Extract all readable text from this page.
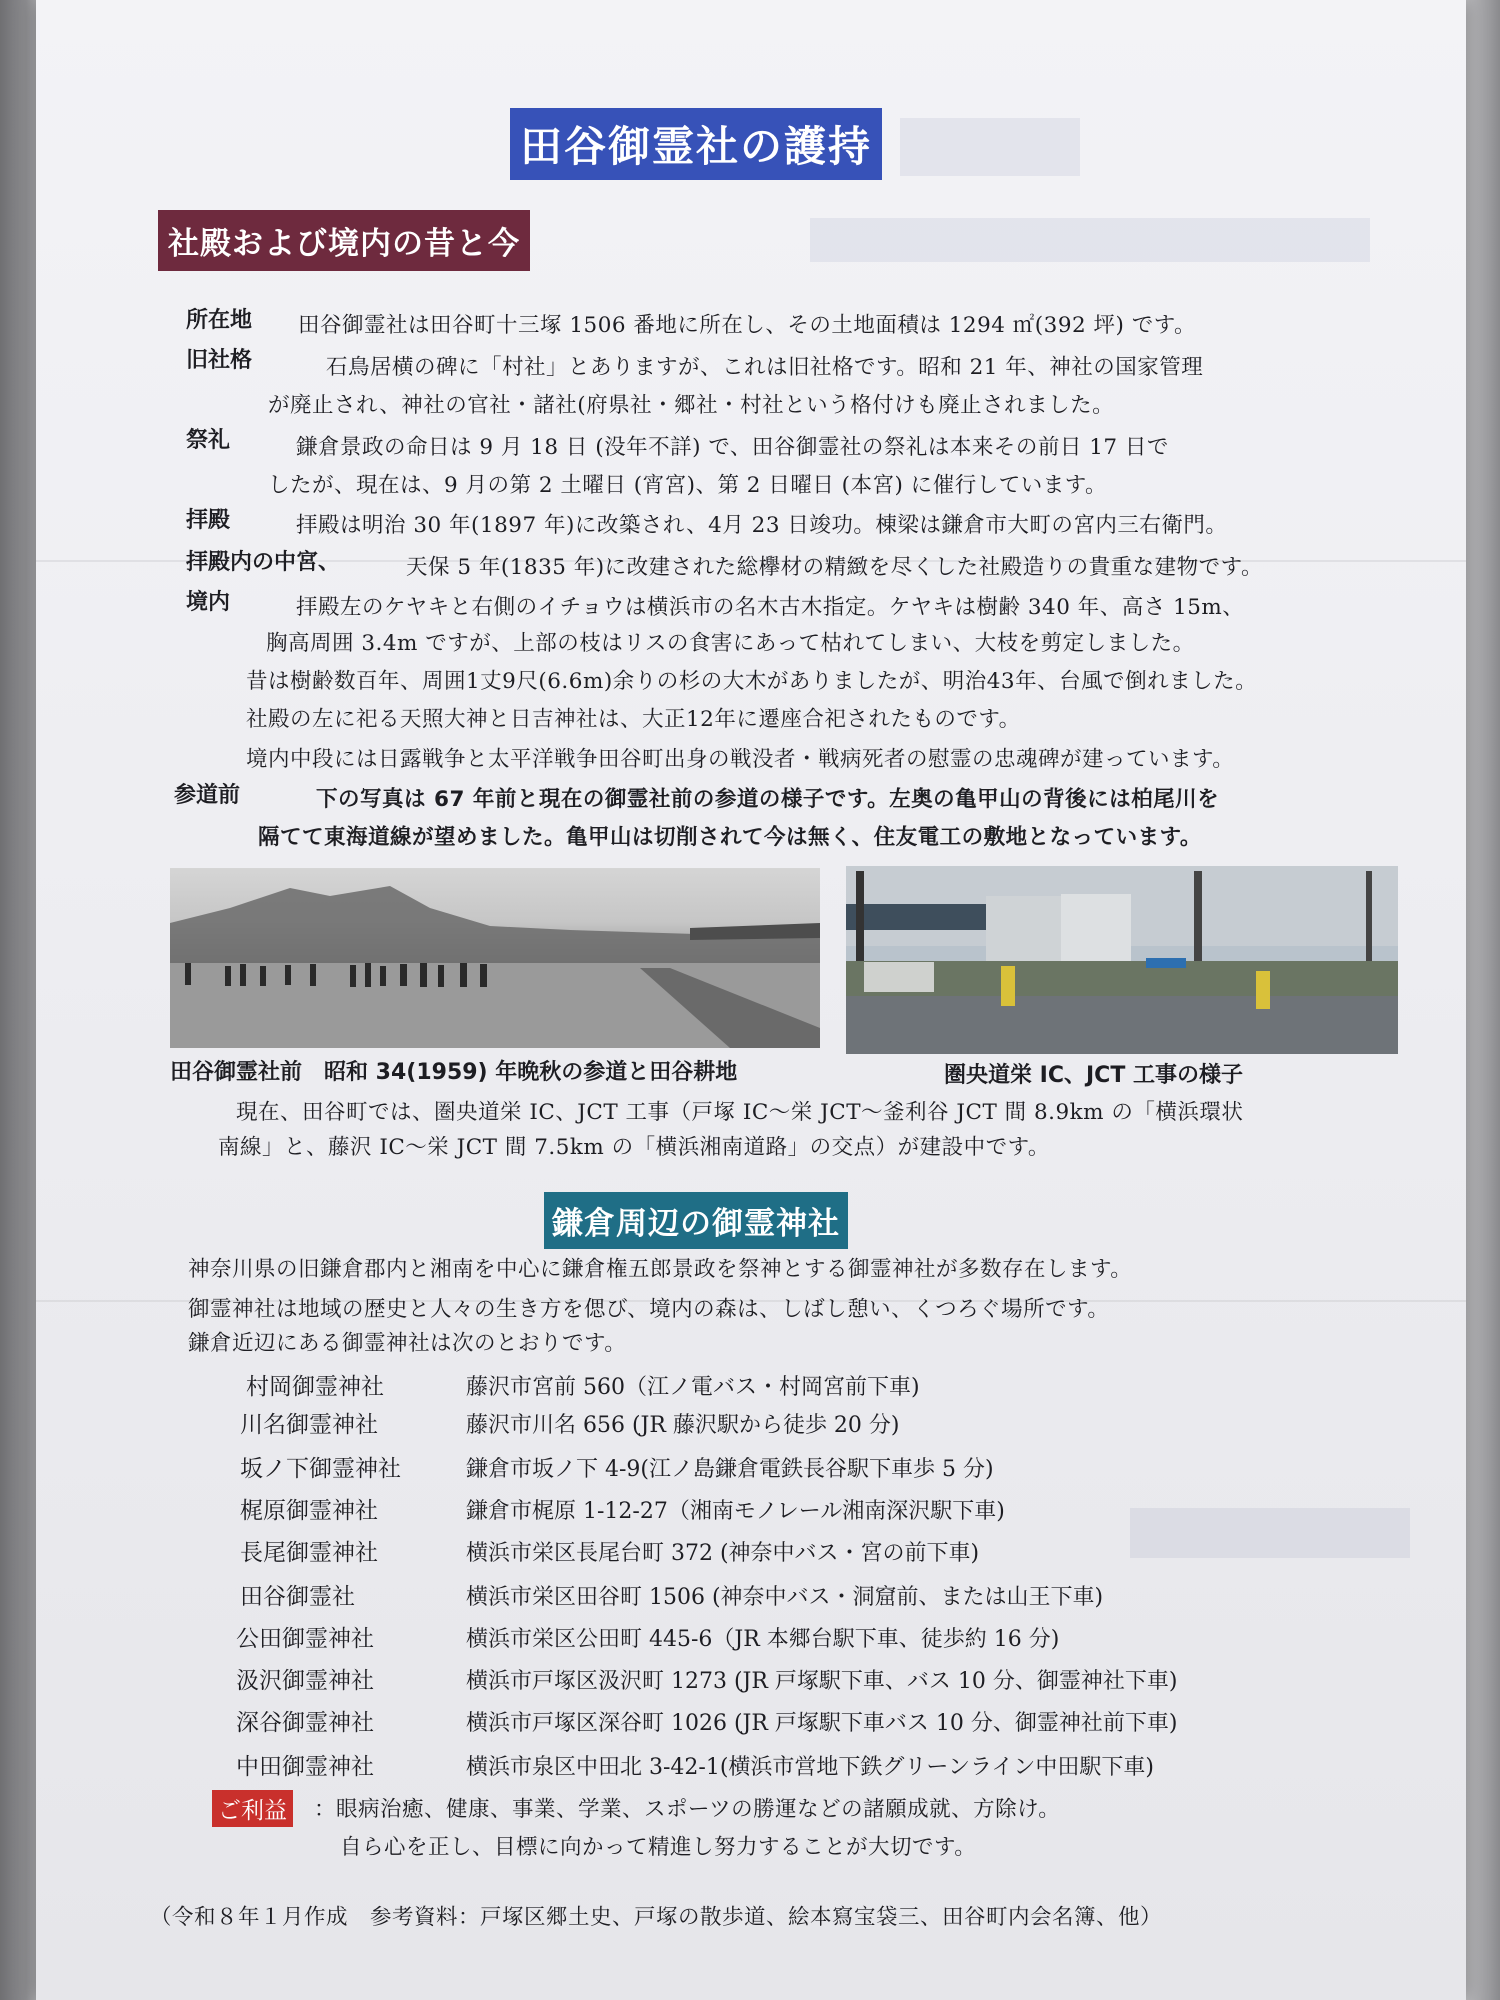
田谷御霊社の護持
社殿および境内の昔と今
所在地 田谷御霊社は田谷町十三塚 1506 番地に所在し、その土地面積は 1294 ㎡(392 坪) です。
旧社格	石鳥居横の碑に「村社」とありますが、これは旧社格です。昭和 21 年、神社の国家管理
が廃止され、神社の官社・諸社(府県社・郷社・村社という格付けも廃止されました。
祭礼	鎌倉景政の命日は 9 月 18 日 (没年不詳) で、田谷御霊社の祭礼は本来その前日 17 日で
したが、現在は、9 月の第 2 土曜日 (宵宮)、第 2 日曜日 (本宮) に催行しています。
拝殿	拝殿は明治 30 年(1897 年)に改築され、4月 23 日竣功。棟梁は鎌倉市大町の宮内三右衛門。
拝殿内の中宮、	天保 5 年(1835 年)に改建された総欅材の精緻を尽くした社殿造りの貴重な建物です。
境内	拝殿左のケヤキと右側のイチョウは横浜市の名木古木指定。ケヤキは樹齢 340 年、高さ 15m、
胸高周囲 3.4m ですが、上部の枝はリスの食害にあって枯れてしまい、大枝を剪定しました。
昔は樹齢数百年、周囲1丈9尺(6.6m)余りの杉の大木がありましたが、明治43年、台風で倒れました。
社殿の左に祀る天照大神と日吉神社は、大正12年に遷座合祀されたものです。
境内中段には日露戦争と太平洋戦争田谷町出身の戦没者・戦病死者の慰霊の忠魂碑が建っています。
参道前	下の写真は 67 年前と現在の御霊社前の参道の様子です。左奥の亀甲山の背後には柏尾川を
隔てて東海道線が望めました。亀甲山は切削されて今は無く、住友電工の敷地となっています。
田谷御霊社前　昭和 34(1959) 年晩秋の参道と田谷耕地	圏央道栄 IC、JCT 工事の様子
現在、田谷町では、圏央道栄 IC、JCT 工事（戸塚 IC～栄 JCT～釜利谷 JCT 間 8.9km の「横浜環状
南線」と、藤沢 IC～栄 JCT 間 7.5km の「横浜湘南道路」の交点）が建設中です。
鎌倉周辺の御霊神社
神奈川県の旧鎌倉郡内と湘南を中心に鎌倉権五郎景政を祭神とする御霊神社が多数存在します。
御霊神社は地域の歴史と人々の生き方を偲び、境内の森は、しばし憩い、くつろぐ場所です。
鎌倉近辺にある御霊神社は次のとおりです。
村岡御霊神社	藤沢市宮前 560（江ノ電バス・村岡宮前下車)
川名御霊神社	藤沢市川名 656 (JR 藤沢駅から徒歩 20 分)
坂ノ下御霊神社	鎌倉市坂ノ下 4-9(江ノ島鎌倉電鉄長谷駅下車歩 5 分)
梶原御霊神社	鎌倉市梶原 1-12-27（湘南モノレール湘南深沢駅下車)
長尾御霊神社	横浜市栄区長尾台町 372 (神奈中バス・宮の前下車)
田谷御霊社	横浜市栄区田谷町 1506 (神奈中バス・洞窟前、または山王下車)
公田御霊神社	横浜市栄区公田町 445-6（JR 本郷台駅下車、徒歩約 16 分)
汲沢御霊神社	横浜市戸塚区汲沢町 1273 (JR 戸塚駅下車、バス 10 分、御霊神社下車)
深谷御霊神社	横浜市戸塚区深谷町 1026 (JR 戸塚駅下車バス 10 分、御霊神社前下車)
中田御霊神社	横浜市泉区中田北 3-42-1(横浜市営地下鉄グリーンライン中田駅下車)
ご利益 ：眼病治癒、健康、事業、学業、スポーツの勝運などの諸願成就、方除け。
自ら心を正し、目標に向かって精進し努力することが大切です。
（令和８年１月作成　参考資料：戸塚区郷土史、戸塚の散歩道、絵本寫宝袋三、田谷町内会名簿、他）
